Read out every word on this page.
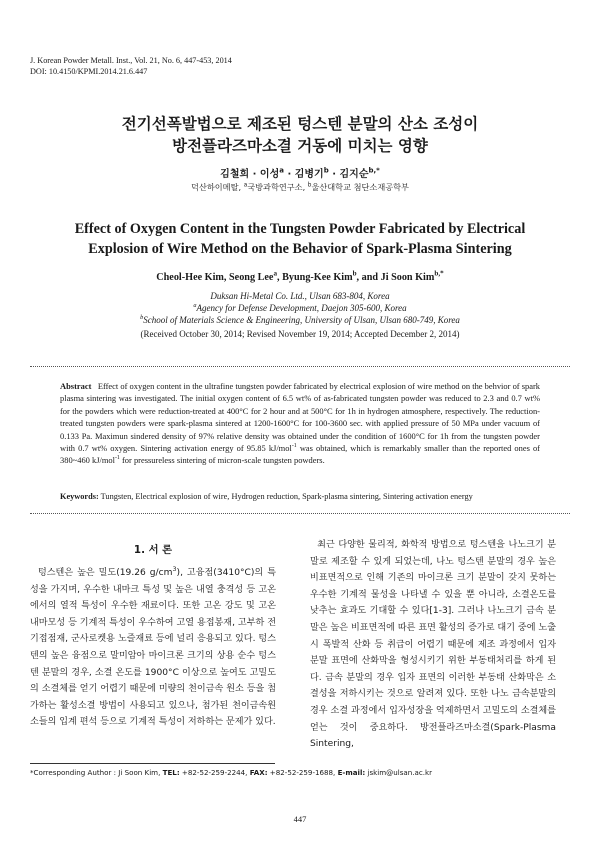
J. Korean Powder Metall. Inst., Vol. 21, No. 6, 447-453, 2014
DOI: 10.4150/KPMI.2014.21.6.447
전기선폭발법으로 제조된 텅스텐 분말의 산소 조성이
방전플라즈마소결 거동에 미치는 영향
김철희 · 이성$^a$ · 김병기$^b$ · 김지순$^{b,*}$
덕산하이메탈, $^a$국방과학연구소, $^b$울산대학교 첨단소재공학부
Effect of Oxygen Content in the Tungsten Powder Fabricated by Electrical
Explosion of Wire Method on the Behavior of Spark-Plasma Sintering
Cheol-Hee Kim, Seong Lee$^a$, Byung-Kee Kim$^b$, and Ji Soon Kim$^{b,*}$
Duksan Hi-Metal Co. Ltd., Ulsan 683-804, Korea
$^a$Agency for Defense Development, Daejon 305-600, Korea
$^b$School of Materials Science & Engineering, University of Ulsan, Ulsan 680-749, Korea
(Received October 30, 2014; Revised November 19, 2014; Accepted December 2, 2014)
Abstract Effect of oxygen content in the ultrafine tungsten powder fabricated by electrical explosion of wire method on the behvior of spark plasma sintering was investigated. The initial oxygen content of 6.5 wt% of as-fabricated tungsten powder was reduced to 2.3 and 0.7 wt% for the powders which were reduction-treated at 400°C for 2 hour and at 500°C for 1h in hydrogen atmosphere, respectively. The reduction-treated tungsten powders were spark-plasma sintered at 1200-1600°C for 100-3600 sec. with applied pressure of 50 MPa under vacuum of 0.133 Pa. Maximun sindered density of 97% relative density was obtained under the condition of 1600°C for 1h from the tungsten powder with 0.7 wt% oxygen. Sintering activation energy of 95.85 kJ/mol$^{-1}$ was obtained, which is remarkably smaller than the reported ones of 380~460 kJ/mol$^{-1}$ for pressureless sintering of micron-scale tungsten powders.
Keywords: Tungsten, Electrical explosion of wire, Hydrogen reduction, Spark-plasma sintering, Sintering activation energy
1. 서 론
텅스텐은 높은 밀도(19.26 $g/cm^3$), 고융점(3410°C)의 특성을 가지며, 우수한 내마크 특성 및 높은 내열 충격성 등 고온에서의 열적 특성이 우수한 재료이다. 또한 고온 강도 및 고온 내마모성 등 기계적 특성이 우수하여 고열 용접봉재, 고부하 전기접점재, 군사로켓용 노즐재료 등에 널리 응용되고 있다. 텅스텐의 높은 융점으로 말미암아 마이크론 크기의 상용 순수 텅스텐 분말의 경우, 소결 온도를 1900°C 이상으로 높여도 고밀도의 소결체를 얻기 어렵기 때문에 미량의 천이금속 원소 등을 첨가하는 활성소결 방법이 사용되고 있으나, 첨가된 천이금속원소들의 입계 편석 등으로 기계적 특성이 저하하는 문제가 있다.
최근 다양한 물리적, 화학적 방법으로 텅스텐을 나노크기 분말로 제조할 수 있게 되었는데, 나노 텅스텐 분말의 경우 높은 비표면적으로 인해 기존의 마이크론 크기 분말이 갖지 못하는 우수한 기계적 물성을 나타낼 수 있을 뿐 아니라, 소결온도를 낮추는 효과도 기대할 수 있다[1-3]. 그러나 나노크기 금속 분말은 높은 비표면적에 따른 표면 활성의 증가로 대기 중에 노출 시 폭발적 산화 등 취급이 어렵기 때문에 제조 과정에서 입자 분말 표면에 산화막을 형성시키기 위한 부동태처리를 하게 된다. 금속 분말의 경우 입자 표면의 이러한 부동태 산화막은 소결성을 저하시키는 것으로 알려져 있다. 또한 나노 금속분말의 경우 소결 과정에서 입자성장을 억제하면서 고밀도의 소결체를 얻는 것이 중요하다. 방전플라즈마소결(Spark-Plasma Sintering,
*Corresponding Author : Ji Soon Kim, TEL: +82-52-259-2244, FAX: +82-52-259-1688, E-mail: jskim@ulsan.ac.kr
447
